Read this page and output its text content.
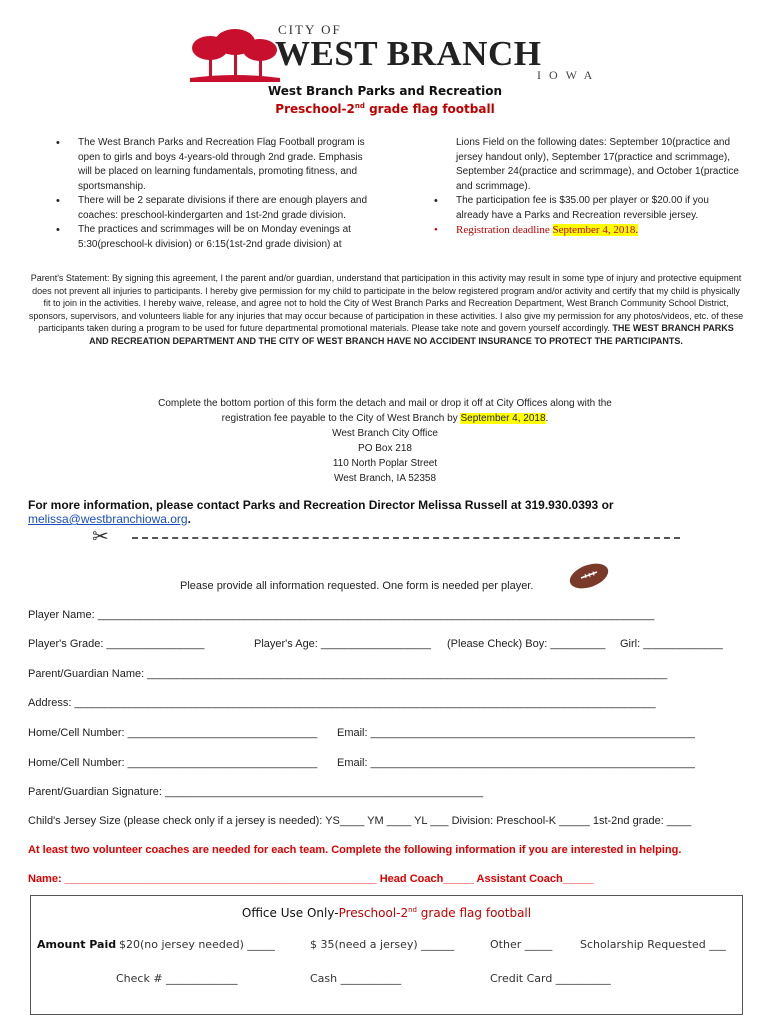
CITY OF
WEST BRANCH
IOWA
West Branch Parks and Recreation
Preschool-2nd grade flag football
• The West Branch Parks and Recreation Flag Football program is open to girls and boys 4-years-old through 2nd grade. Emphasis will be placed on learning fundamentals, promoting fitness, and sportsmanship.
• There will be 2 separate divisions if there are enough players and coaches: preschool-kindergarten and 1st-2nd grade division.
• The practices and scrimmages will be on Monday evenings at 5:30(preschool-k division) or 6:15(1st-2nd grade division) at
Lions Field on the following dates: September 10(practice and jersey handout only), September 17(practice and scrimmage), September 24(practice and scrimmage), and October 1(practice and scrimmage).
• The participation fee is $35.00 per player or $20.00 if you already have a Parks and Recreation reversible jersey.
• Registration deadline September 4, 2018.
Parent's Statement: By signing this agreement, I the parent and/or guardian, understand that participation in this activity may result in some type of injury and protective equipment does not prevent all injuries to participants. I hereby give permission for my child to participate in the below registered program and/or activity and certify that my child is physically fit to join in the activities. I hereby waive, release, and agree not to hold the City of West Branch Parks and Recreation Department, West Branch Community School District, sponsors, supervisors, and volunteers liable for any injuries that may occur because of participation in these activities. I also give my permission for any photos/videos, etc. of these participants taken during a program to be used for future departmental promotional materials. Please take note and govern yourself accordingly. THE WEST BRANCH PARKS AND RECREATION DEPARTMENT AND THE CITY OF WEST BRANCH HAVE NO ACCIDENT INSURANCE TO PROTECT THE PARTICIPANTS.
Complete the bottom portion of this form the detach and mail or drop it off at City Offices along with the
registration fee payable to the City of West Branch by September 4, 2018.
West Branch City Office
PO Box 218
110 North Poplar Street
West Branch, IA 52358
For more information, please contact Parks and Recreation Director Melissa Russell at 319.930.0393 or melissa@westbranchiowa.org.
✂
Please provide all information requested. One form is needed per player.
Player Name: ___________________________________________________________________________________________
Player's Grade: ________________	Player's Age: __________________ (Please Check) Boy: _________ Girl: _____________
Parent/Guardian Name: _____________________________________________________________________________________
Address: _______________________________________________________________________________________________
Home/Cell Number: _______________________________ Email: _____________________________________________________
Home/Cell Number: _______________________________ Email: _____________________________________________________
Parent/Guardian Signature: ____________________________________________________
Child's Jersey Size (please check only if a jersey is needed): YS____ YM ____ YL ___ Division: Preschool-K _____ 1st-2nd grade: ____
At least two volunteer coaches are needed for each team. Complete the following information if you are interested in helping.
Name: ___________________________________________________ Head Coach_____ Assistant Coach_____
Office Use Only-Preschool-2nd grade flag football
Amount Paid $20(no jersey needed) _____	$ 35(need a jersey) ______	Other _____	Scholarship Requested ___
Check # _____________	Cash ___________	Credit Card __________
